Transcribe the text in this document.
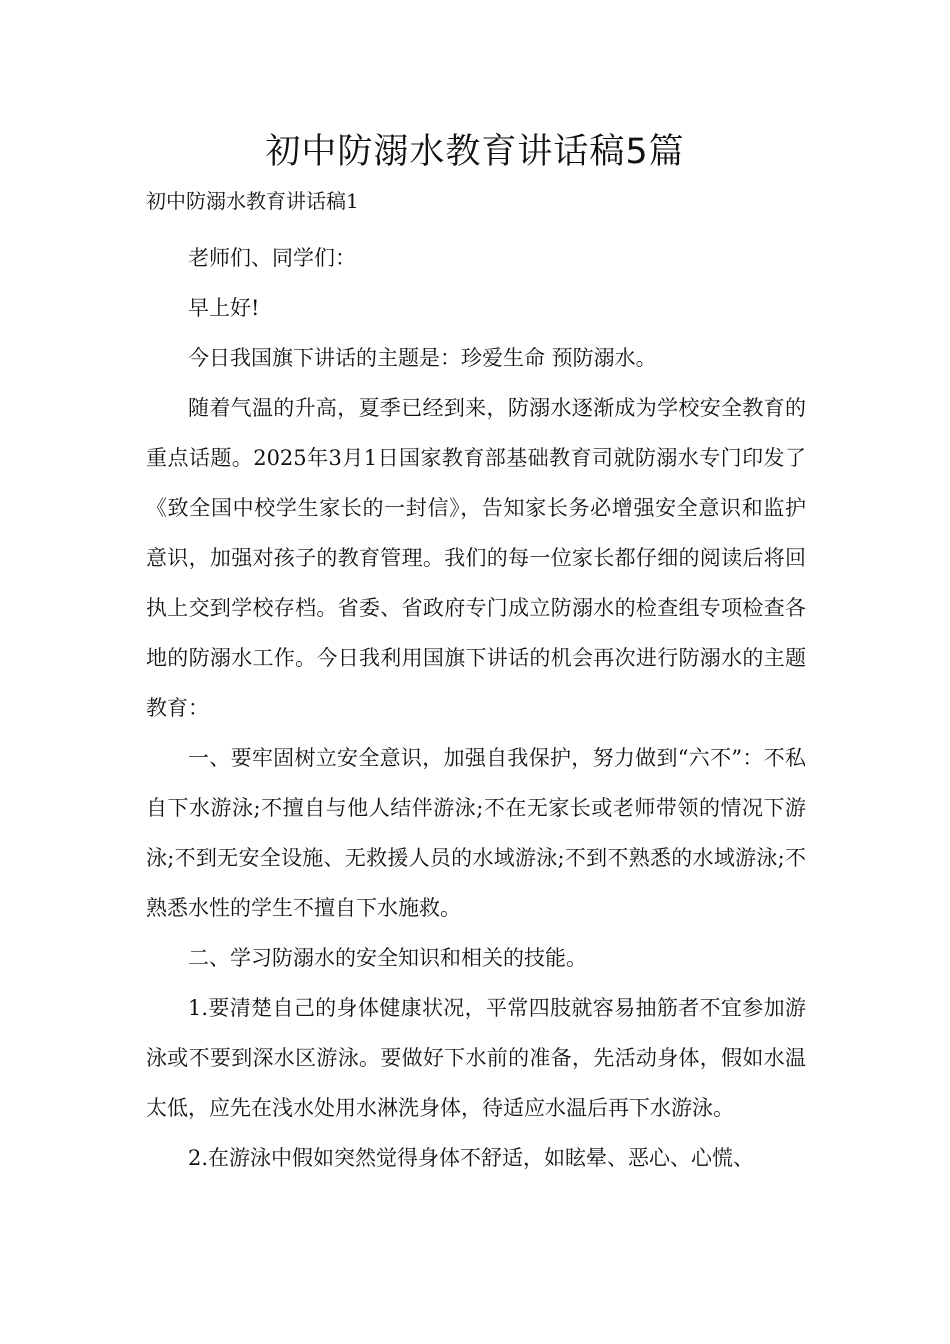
初中防溺水教育讲话稿5篇
初中防溺水教育讲话稿1

老师们、同学们：

早上好!

今日我国旗下讲话的主题是：珍爱生命 预防溺水。

随着气温的升高，夏季已经到来，防溺水逐渐成为学校安全教育的重点话题。2025年3月1日国家教育部基础教育司就防溺水专门印发了《致全国中校学生家长的一封信》，告知家长务必增强安全意识和监护意识，加强对孩子的教育管理。我们的每一位家长都仔细的阅读后将回执上交到学校存档。省委、省政府专门成立防溺水的检查组专项检查各地的防溺水工作。今日我利用国旗下讲话的机会再次进行防溺水的主题教育：

一、要牢固树立安全意识，加强自我保护，努力做到“六不”：不私自下水游泳;不擅自与他人结伴游泳;不在无家长或老师带领的情况下游泳;不到无安全设施、无救援人员的水域游泳;不到不熟悉的水域游泳;不熟悉水性的学生不擅自下水施救。

二、学习防溺水的安全知识和相关的技能。

1.要清楚自己的身体健康状况，平常四肢就容易抽筋者不宜参加游泳或不要到深水区游泳。要做好下水前的准备，先活动身体，假如水温太低，应先在浅水处用水淋洗身体，待适应水温后再下水游泳。

2.在游泳中假如突然觉得身体不舒适，如眩晕、恶心、心慌、
